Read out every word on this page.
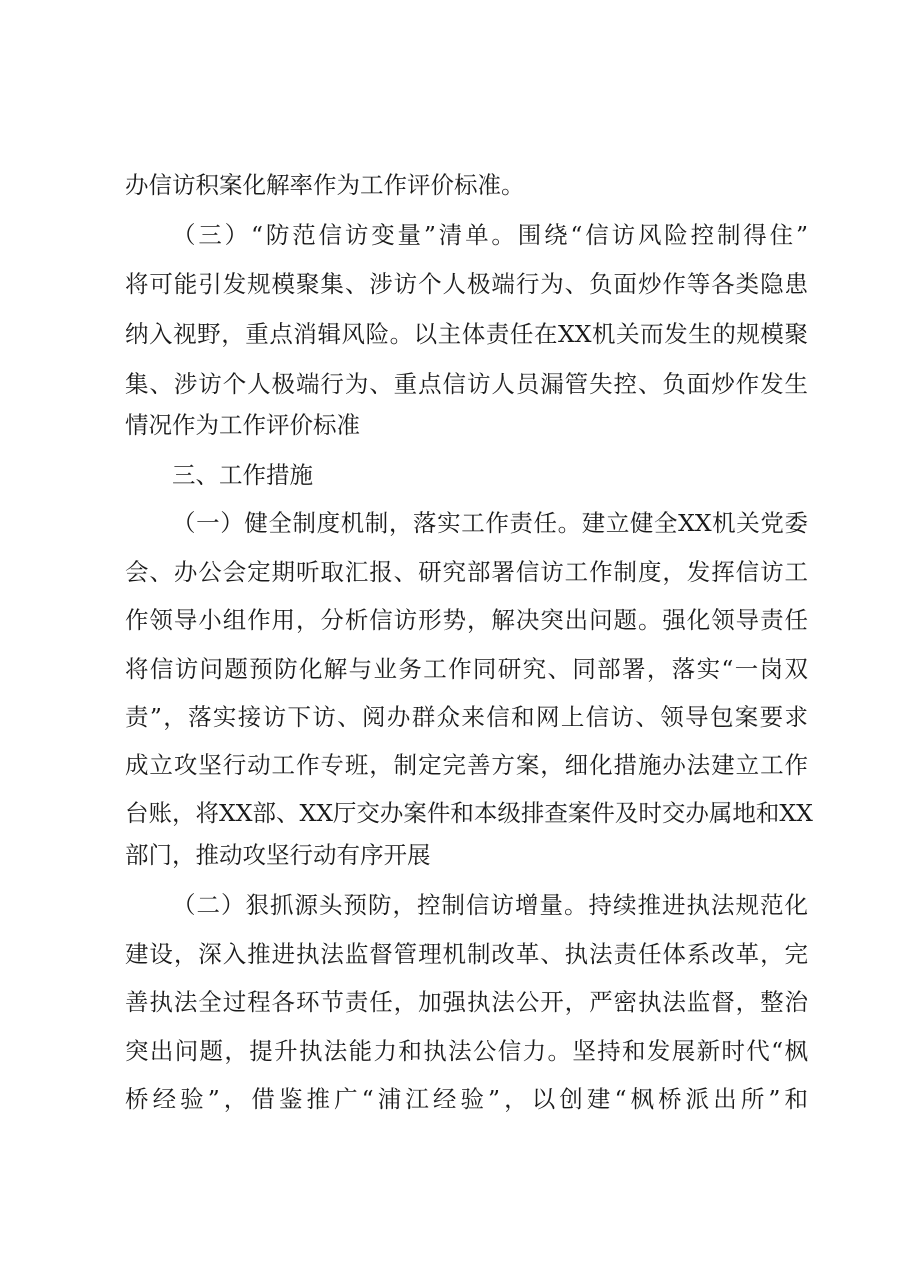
办信访积案化解率作为工作评价标准。
（三）“防范信访变量”清单。围绕“信访风险控制得住”
将可能引发规模聚集、涉访个人极端行为、负面炒作等各类隐患
纳入视野，重点消辑风险。以主体责任在XX机关而发生的规模聚
集、涉访个人极端行为、重点信访人员漏管失控、负面炒作发生
情况作为工作评价标准
三、工作措施
（一）健全制度机制，落实工作责任。建立健全XX机关党委
会、办公会定期听取汇报、研究部署信访工作制度，发挥信访工
作领导小组作用，分析信访形势，解决突出问题。强化领导责任
将信访问题预防化解与业务工作同研究、同部署，落实“一岗双
责”，落实接访下访、阅办群众来信和网上信访、领导包案要求
成立攻坚行动工作专班，制定完善方案，细化措施办法建立工作
台账，将XX部、XX厅交办案件和本级排查案件及时交办属地和XX
部门，推动攻坚行动有序开展
（二）狠抓源头预防，控制信访增量。持续推进执法规范化
建设，深入推进执法监督管理机制改革、执法责任体系改革，完
善执法全过程各环节责任，加强执法公开，严密执法监督，整治
突出问题，提升执法能力和执法公信力。坚持和发展新时代“枫
桥经验”，借鉴推广“浦江经验”，以创建“枫桥派出所”和
